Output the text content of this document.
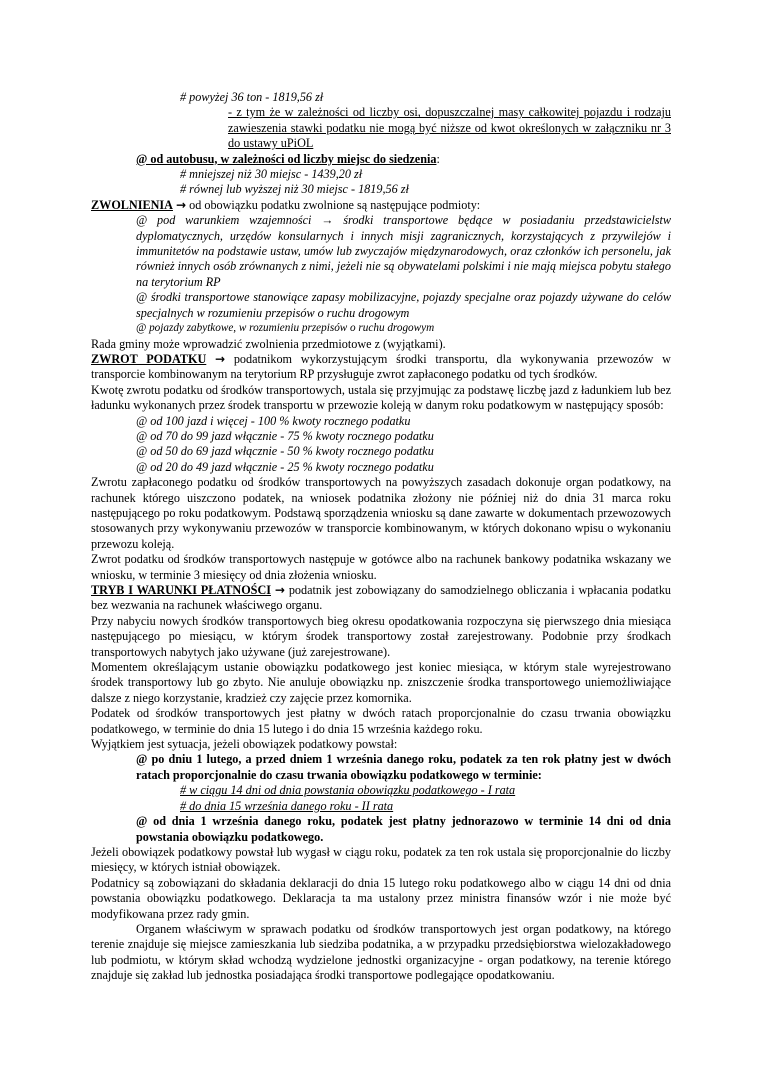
# powyżej 36 ton - 1819,56 zł

- z tym że w zależności od liczby osi, dopuszczalnej masy całkowitej pojazdu i rodzaju zawieszenia stawki podatku nie mogą być niższe od kwot określonych w załączniku nr 3 do ustawy uPiOL

@ od autobusu, w zależności od liczby miejsc do siedzenia:

# mniejszej niż 30 miejsc - 1439,20 zł

# równej lub wyższej niż 30 miejsc - 1819,56 zł

ZWOLNIENIA → od obowiązku podatku zwolnione są następujące podmioty:

@ pod warunkiem wzajemności → środki transportowe będące w posiadaniu przedstawicielstw dyplomatycznych, urzędów konsularnych i innych misji zagranicznych, korzystających z przywilejów i immunitetów na podstawie ustaw, umów lub zwyczajów międzynarodowych, oraz członków ich personelu, jak również innych osób zrównanych z nimi, jeżeli nie są obywatelami polskimi i nie mają miejsca pobytu stałego na terytorium RP

@ środki transportowe stanowiące zapasy mobilizacyjne, pojazdy specjalne oraz pojazdy używane do celów specjalnych w rozumieniu przepisów o ruchu drogowym

@ pojazdy zabytkowe, w rozumieniu przepisów o ruchu drogowym

Rada gminy może wprowadzić zwolnienia przedmiotowe z (wyjątkami).

ZWROT PODATKU → podatnikom wykorzystującym środki transportu, dla wykonywania przewozów w transporcie kombinowanym na terytorium RP przysługuje zwrot zapłaconego podatku od tych środków.

Kwotę zwrotu podatku od środków transportowych, ustala się przyjmując za podstawę liczbę jazd z ładunkiem lub bez ładunku wykonanych przez środek transportu w przewozie koleją w danym roku podatkowym w następujący sposób:

@ od 100 jazd i więcej - 100 % kwoty rocznego podatku

@ od 70 do 99 jazd włącznie - 75 % kwoty rocznego podatku

@ od 50 do 69 jazd włącznie - 50 % kwoty rocznego podatku

@ od 20 do 49 jazd włącznie - 25 % kwoty rocznego podatku

Zwrotu zapłaconego podatku od środków transportowych na powyższych zasadach dokonuje organ podatkowy, na rachunek którego uiszczono podatek, na wniosek podatnika złożony nie później niż do dnia 31 marca roku następującego po roku podatkowym. Podstawą sporządzenia wniosku są dane zawarte w dokumentach przewozowych stosowanych przy wykonywaniu przewozów w transporcie kombinowanym, w których dokonano wpisu o wykonaniu przewozu koleją.

Zwrot podatku od środków transportowych następuje w gotówce albo na rachunek bankowy podatnika wskazany we wniosku, w terminie 3 miesięcy od dnia złożenia wniosku.

TRYB I WARUNKI PŁATNOŚCI → podatnik jest zobowiązany do samodzielnego obliczania i wpłacania podatku bez wezwania na rachunek właściwego organu.

Przy nabyciu nowych środków transportowych bieg okresu opodatkowania rozpoczyna się pierwszego dnia miesiąca następującego po miesiącu, w którym środek transportowy został zarejestrowany. Podobnie przy środkach transportowych nabytych jako używane (już zarejestrowane).

Momentem określającym ustanie obowiązku podatkowego jest koniec miesiąca, w którym stale wyrejestrowano środek transportowy lub go zbyto. Nie anuluje obowiązku np. zniszczenie środka transportowego uniemożliwiające dalsze z niego korzystanie, kradzież czy zajęcie przez komornika.

Podatek od środków transportowych jest płatny w dwóch ratach proporcjonalnie do czasu trwania obowiązku podatkowego, w terminie do dnia 15 lutego i do dnia 15 września każdego roku.

Wyjątkiem jest sytuacja, jeżeli obowiązek podatkowy powstał:

@ po dniu 1 lutego, a przed dniem 1 września danego roku, podatek za ten rok płatny jest w dwóch ratach proporcjonalnie do czasu trwania obowiązku podatkowego w terminie:

# w ciągu 14 dni od dnia powstania obowiązku podatkowego - I rata

# do dnia 15 września danego roku - II rata

@ od dnia 1 września danego roku, podatek jest płatny jednorazowo w terminie 14 dni od dnia powstania obowiązku podatkowego.

Jeżeli obowiązek podatkowy powstał lub wygasł w ciągu roku, podatek za ten rok ustala się proporcjonalnie do liczby miesięcy, w których istniał obowiązek.

Podatnicy są zobowiązani do składania deklaracji do dnia 15 lutego roku podatkowego albo w ciągu 14 dni od dnia powstania obowiązku podatkowego. Deklaracja ta ma ustalony przez ministra finansów wzór i nie może być modyfikowana przez rady gmin.

Organem właściwym w sprawach podatku od środków transportowych jest organ podatkowy, na którego terenie znajduje się miejsce zamieszkania lub siedziba podatnika, a w przypadku przedsiębiorstwa wielozakładowego lub podmiotu, w którym skład wchodzą wydzielone jednostki organizacyjne - organ podatkowy, na terenie którego znajduje się zakład lub jednostka posiadająca środki transportowe podlegające opodatkowaniu.
